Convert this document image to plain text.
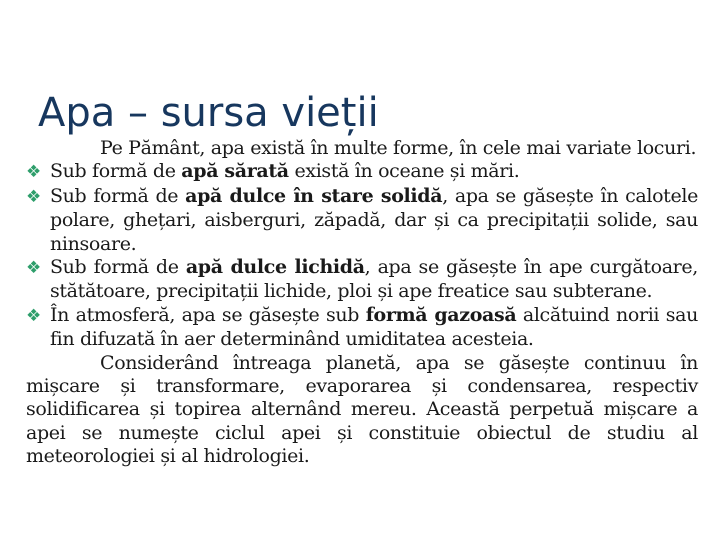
Apa – sursa vieții

Pe Pământ, apa există în multe forme, în cele mai variate locuri.

❖ Sub formă de apă sărată există în oceane și mări.

❖ Sub formă de apă dulce în stare solidă, apa se găsește în calotele polare, ghețari, aisberguri, zăpadă, dar și ca precipitații solide, sau ninsoare.

❖ Sub formă de apă dulce lichidă, apa se găsește în ape curgătoare, stătătoare, precipitații lichide, ploi și ape freatice sau subterane.

❖ În atmosferă, apa se găsește sub formă gazoasă alcătuind norii sau fin difuzată în aer determinând umiditatea acesteia.

Considerând întreaga planetă, apa se găsește continuu în mișcare și transformare, evaporarea și condensarea, respectiv solidificarea și topirea alternând mereu. Această perpetuă mișcare a apei se numește ciclul apei și constituie obiectul de studiu al meteorologiei și al hidrologiei.
